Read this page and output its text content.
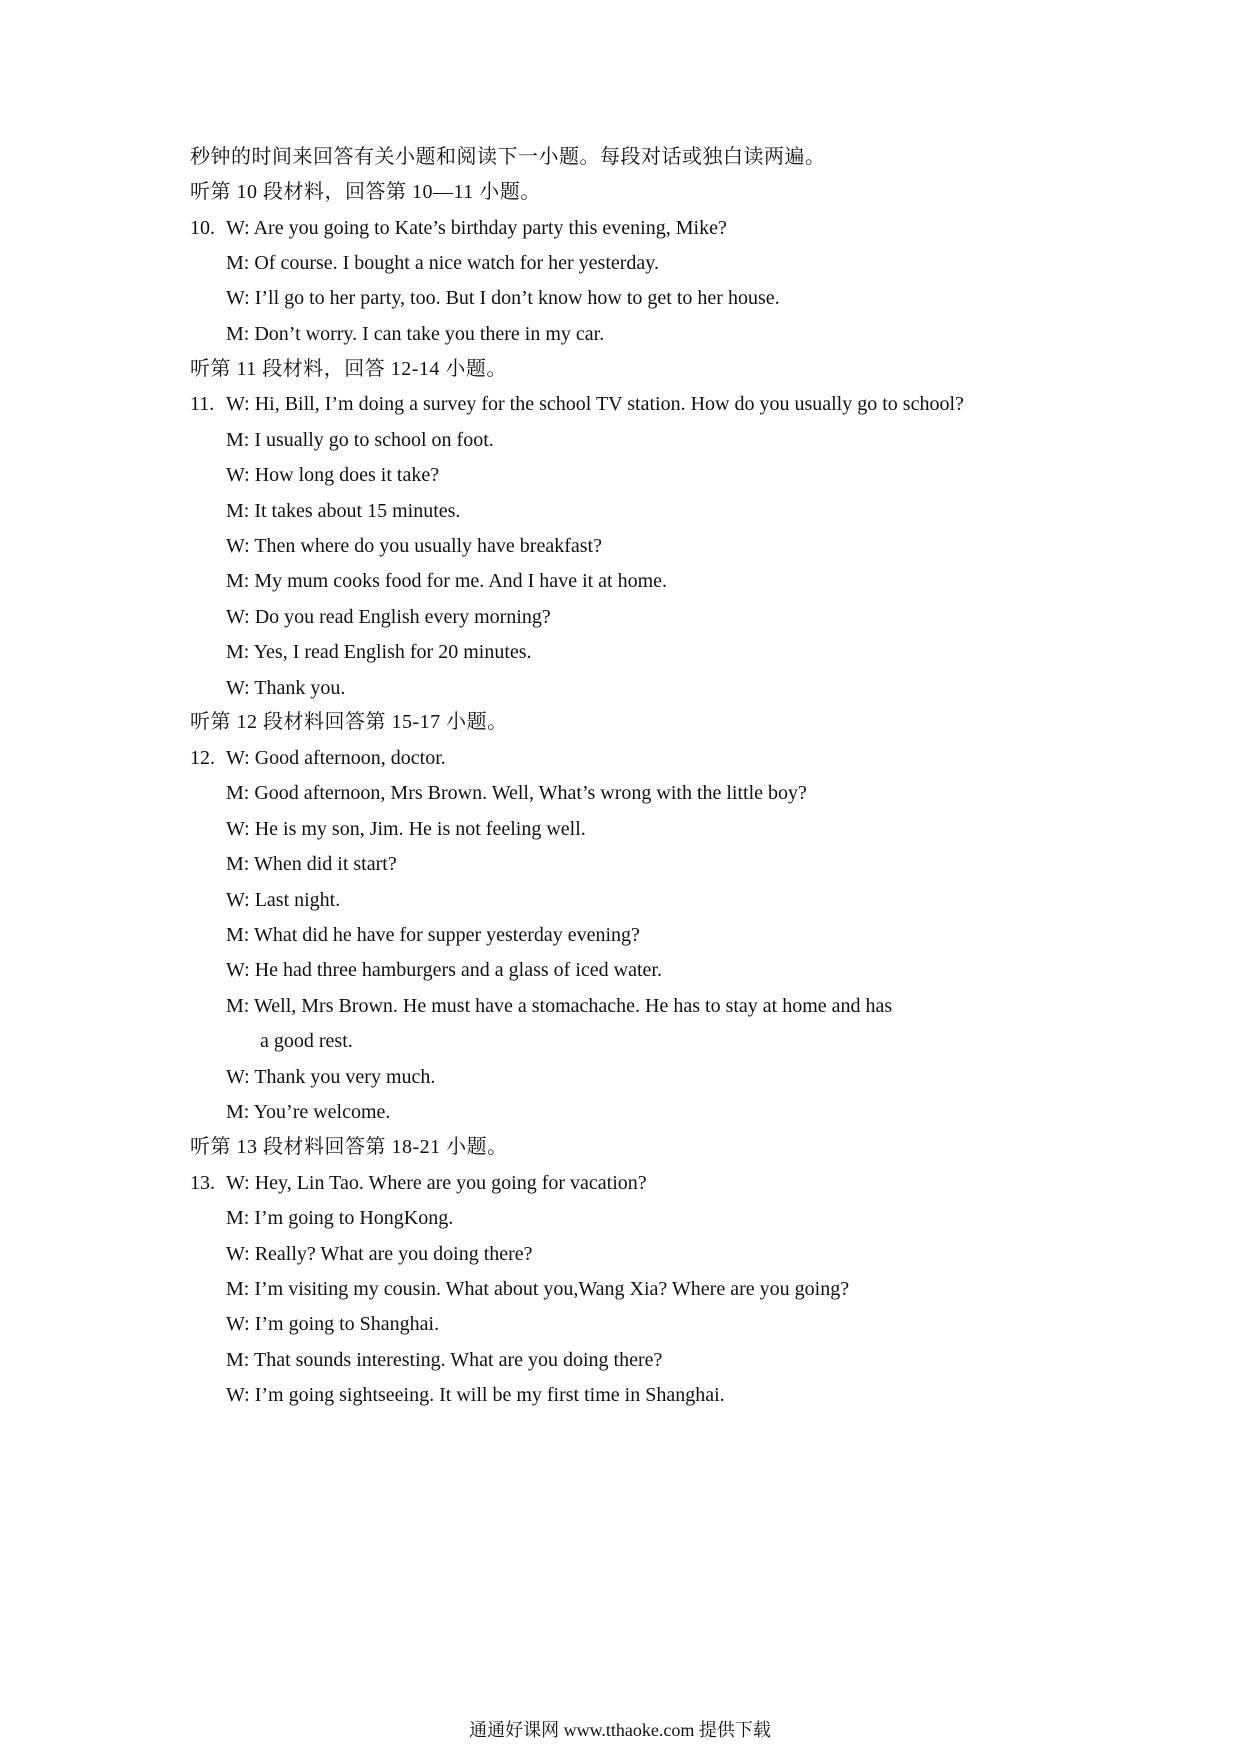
秒钟的时间来回答有关小题和阅读下一小题。每段对话或独白读两遍。
听第 10 段材料，回答第 10—11 小题。
10. W: Are you going to Kate’s birthday party this evening, Mike?
M: Of course. I bought a nice watch for her yesterday.
W: I’ll go to her party, too. But I don’t know how to get to her house.
M: Don’t worry. I can take you there in my car.
听第 11 段材料，回答 12-14 小题。
11. W: Hi, Bill, I’m doing a survey for the school TV station. How do you usually go to school?
M: I usually go to school on foot.
W: How long does it take?
M: It takes about 15 minutes.
W: Then where do you usually have breakfast?
M: My mum cooks food for me. And I have it at home.
W: Do you read English every morning?
M: Yes, I read English for 20 minutes.
W: Thank you.
听第 12 段材料回答第 15-17 小题。
12. W: Good afternoon, doctor.
M: Good afternoon, Mrs Brown. Well, What’s wrong with the little boy?
W: He is my son, Jim. He is not feeling well.
M: When did it start?
W: Last night.
M: What did he have for supper yesterday evening?
W: He had three hamburgers and a glass of iced water.
M: Well, Mrs Brown. He must have a stomachache. He has to stay at home and has
a good rest.
W: Thank you very much.
M: You’re welcome.
听第 13 段材料回答第 18-21 小题。
13. W: Hey, Lin Tao. Where are you going for vacation?
M: I’m going to HongKong.
W: Really? What are you doing there?
M: I’m visiting my cousin. What about you,Wang Xia? Where are you going?
W: I’m going to Shanghai.
M: That sounds interesting. What are you doing there?
W: I’m going sightseeing. It will be my first time in Shanghai.
通通好课网 www.tthaoke.com 提供下载
